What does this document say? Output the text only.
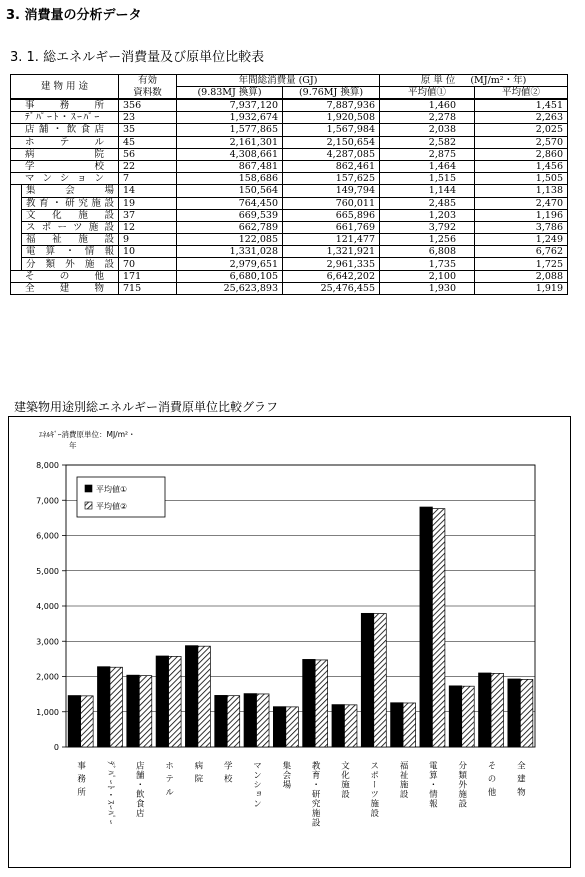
3. 消費量の分析データ
3. 1. 総エネルギー消費量及び原単位比較表
建 物 用 途		有効	年間総消費量 (GJ)		原 単 位 (MJ/m²・年)	
		資料数	(9.83MJ 換算)	(9.76MJ 換算)	平均値①	平均値②
事 務 所		356	7,937,120	7,887,936	1,460	1,451
ﾃﾞﾊﾟｰﾄ・ｽｰﾊﾟｰ		23	1,932,674	1,920,508	2,278	2,263
店舗・飲食店		35	1,577,865	1,567,984	2,038	2,025
ホ テ ル		45	2,161,301	2,150,654	2,582	2,570
病 院		56	4,308,661	4,287,085	2,875	2,860
学 校		22	867,481	862,461	1,464	1,456
マンション		7	158,686	157,625	1,515	1,505
	集 会 場	14	150,564	149,794	1,144	1,138
	教育・研究施設	19	764,450	760,011	2,485	2,470
	文 化 施 設	37	669,539	665,896	1,203	1,196
	スポーツ施設	12	662,789	661,769	3,792	3,786
	福 祉 施 設	9	122,085	121,477	1,256	1,249
	電算・情報	10	1,331,028	1,321,921	6,808	6,762
	分類外施設	70	2,979,651	2,961,335	1,735	1,725
そ の 他		171	6,680,105	6,642,202	2,100	2,088
全 建 物		715	25,623,893	25,476,455	1,930	1,919
建築物用途別総エネルギー消費原単位比較グラフ
ｴﾈﾙｷﾞｰ消費原単位：MJ/m²・
年
0
1,000
2,000
3,000
4,000
5,000
6,000
7,000
8,000
事 務 所 ﾃﾞﾊﾟｰﾄ・ｽｰﾊﾟｰ 店舗・飲食店 ホ テ ル 病 院 学 校 マンション 集会場 教育・研究施設 文化施設 スポーツ施設 福祉施設 電算・情報 分類外施設 そ の 他 全 建 物
平均値①
平均値②
